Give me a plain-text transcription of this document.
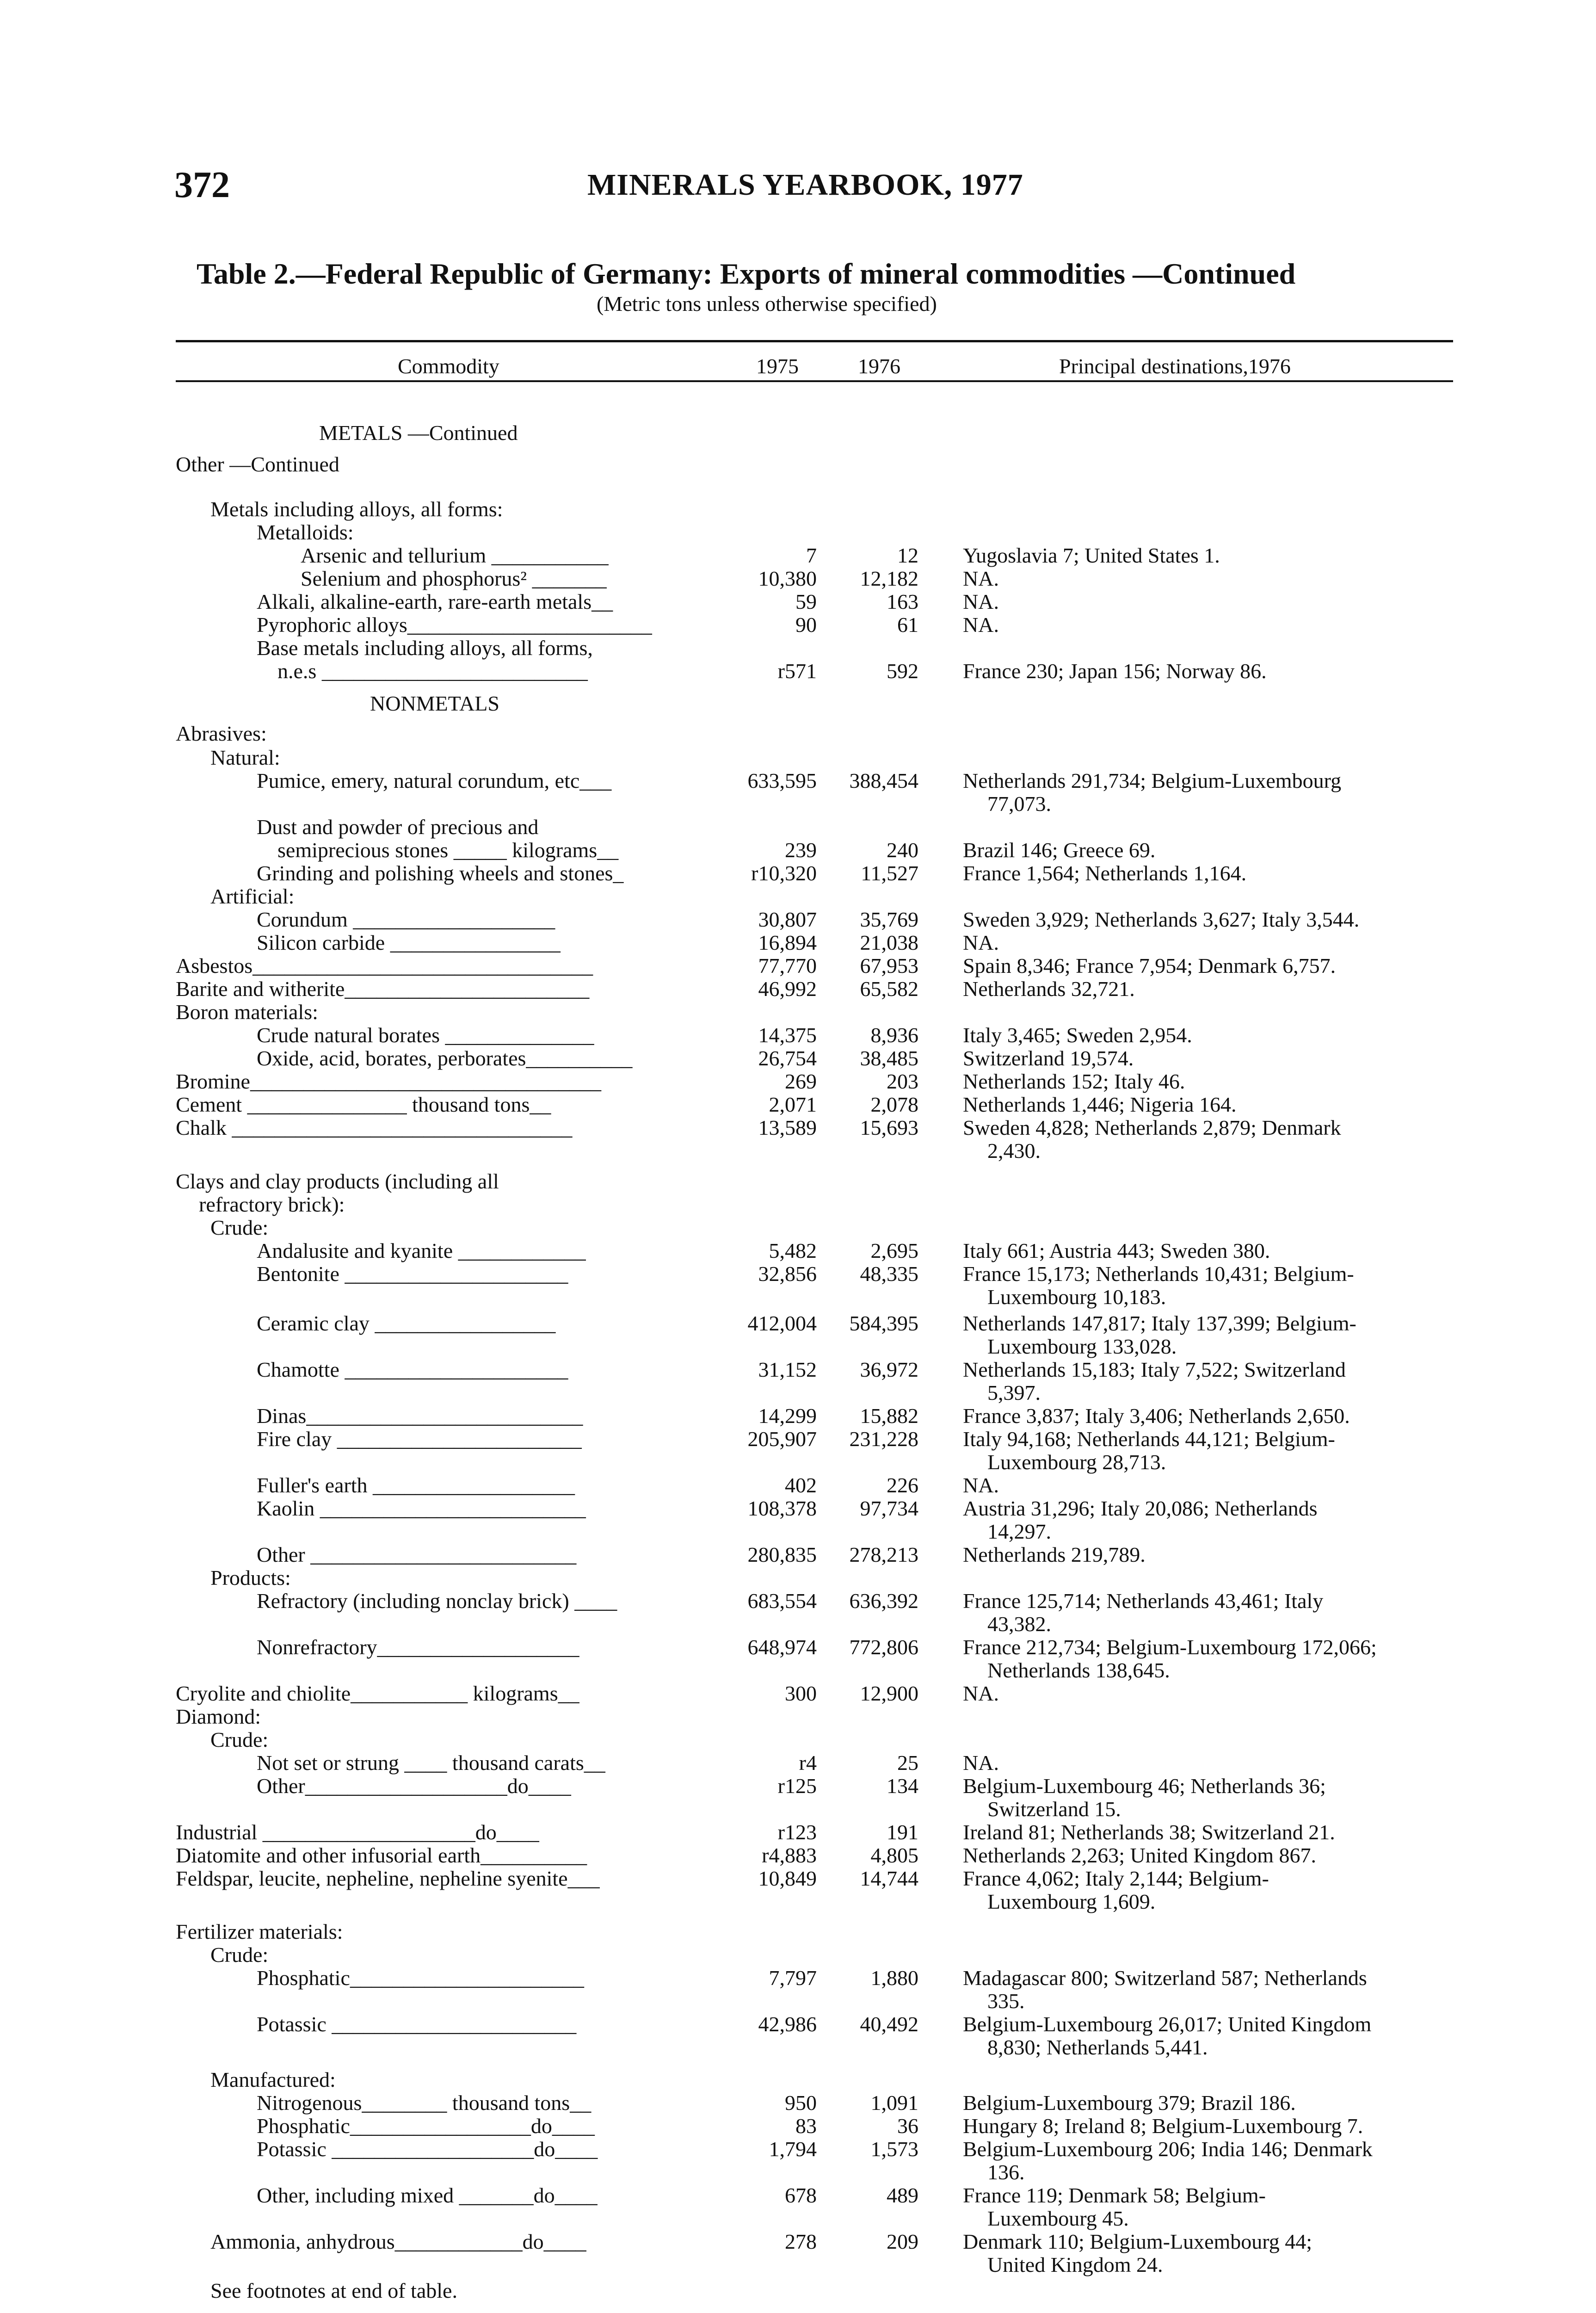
372	MINERALS YEARBOOK, 1977
Table 2.—Federal Republic of Germany: Exports of mineral commodities —Continued
(Metric tons unless otherwise specified)
Commodity	1975	1976	Principal destinations,1976
METALS —Continued
Other —Continued
Metals including alloys, all forms:
Metalloids:
Arsenic and tellurium ___________	7	12 Yugoslavia 7; United States 1.
Selenium and phosphorus² _______	10,380 12,182 NA.
Alkali, alkaline-earth, rare-earth metals__	59	163 NA.
Pyrophoric alloys_______________________	90	61 NA.
Base metals including alloys, all forms,
n.e.s _________________________	r571	592 France 230; Japan 156; Norway 86.
NONMETALS
Abrasives:
Natural:
Pumice, emery, natural corundum, etc___	633,595 388,454 Netherlands 291,734; Belgium-Luxembourg
77,073.
Dust and powder of precious and
semiprecious stones _____ kilograms__	239	240 Brazil 146; Greece 69.
Grinding and polishing wheels and stones_	r10,320 11,527 France 1,564; Netherlands 1,164.
Artificial:
Corundum ___________________	30,807 35,769 Sweden 3,929; Netherlands 3,627; Italy 3,544.
Silicon carbide ________________	16,894 21,038 NA.
Asbestos________________________________	77,770 67,953 Spain 8,346; France 7,954; Denmark 6,757.
Barite and witherite_______________________	46,992 65,582 Netherlands 32,721.
Boron materials:
Crude natural borates ______________	14,375	8,936 Italy 3,465; Sweden 2,954.
Oxide, acid, borates, perborates__________	26,754 38,485 Switzerland 19,574.
Bromine_________________________________	269	203 Netherlands 152; Italy 46.
Cement _______________ thousand tons__	2,071	2,078 Netherlands 1,446; Nigeria 164.
Chalk ________________________________	13,589 15,693 Sweden 4,828; Netherlands 2,879; Denmark
2,430.
Clays and clay products (including all
refractory brick):
Crude:
Andalusite and kyanite ____________	5,482	2,695 Italy 661; Austria 443; Sweden 380.
Bentonite _____________________	32,856 48,335 France 15,173; Netherlands 10,431; Belgium-
Luxembourg 10,183.
Ceramic clay _________________	412,004 584,395 Netherlands 147,817; Italy 137,399; Belgium-
Luxembourg 133,028.
Chamotte _____________________	31,152 36,972 Netherlands 15,183; Italy 7,522; Switzerland
5,397.
Dinas__________________________	14,299 15,882 France 3,837; Italy 3,406; Netherlands 2,650.
Fire clay _______________________	205,907 231,228 Italy 94,168; Netherlands 44,121; Belgium-
Luxembourg 28,713.
Fuller's earth ___________________	402	226 NA.
Kaolin _________________________	108,378 97,734 Austria 31,296; Italy 20,086; Netherlands
14,297.
Other _________________________	280,835 278,213 Netherlands 219,789.
Products:
Refractory (including nonclay brick) ____	683,554 636,392 France 125,714; Netherlands 43,461; Italy
43,382.
Nonrefractory___________________	648,974 772,806 France 212,734; Belgium-Luxembourg 172,066;
Netherlands 138,645.
Cryolite and chiolite___________ kilograms__	300 12,900 NA.
Diamond:
Crude:
Not set or strung ____ thousand carats__	r4	25 NA.
Other___________________do____	r125	134 Belgium-Luxembourg 46; Netherlands 36;
Switzerland 15.
Industrial ____________________do____	r123	191 Ireland 81; Netherlands 38; Switzerland 21.
Diatomite and other infusorial earth__________	r4,883	4,805 Netherlands 2,263; United Kingdom 867.
Feldspar, leucite, nepheline, nepheline syenite___	10,849 14,744 France 4,062; Italy 2,144; Belgium-
Luxembourg 1,609.
Fertilizer materials:
Crude:
Phosphatic______________________	7,797	1,880 Madagascar 800; Switzerland 587; Netherlands
335.
Potassic _______________________	42,986 40,492 Belgium-Luxembourg 26,017; United Kingdom
8,830; Netherlands 5,441.
Manufactured:
Nitrogenous________ thousand tons__	950	1,091 Belgium-Luxembourg 379; Brazil 186.
Phosphatic_________________do____	83	36 Hungary 8; Ireland 8; Belgium-Luxembourg 7.
Potassic ___________________do____	1,794	1,573 Belgium-Luxembourg 206; India 146; Denmark
136.
Other, including mixed _______do____	678	489 France 119; Denmark 58; Belgium-
Luxembourg 45.
Ammonia, anhydrous____________do____	278	209 Denmark 110; Belgium-Luxembourg 44;
United Kingdom 24.
See footnotes at end of table.
